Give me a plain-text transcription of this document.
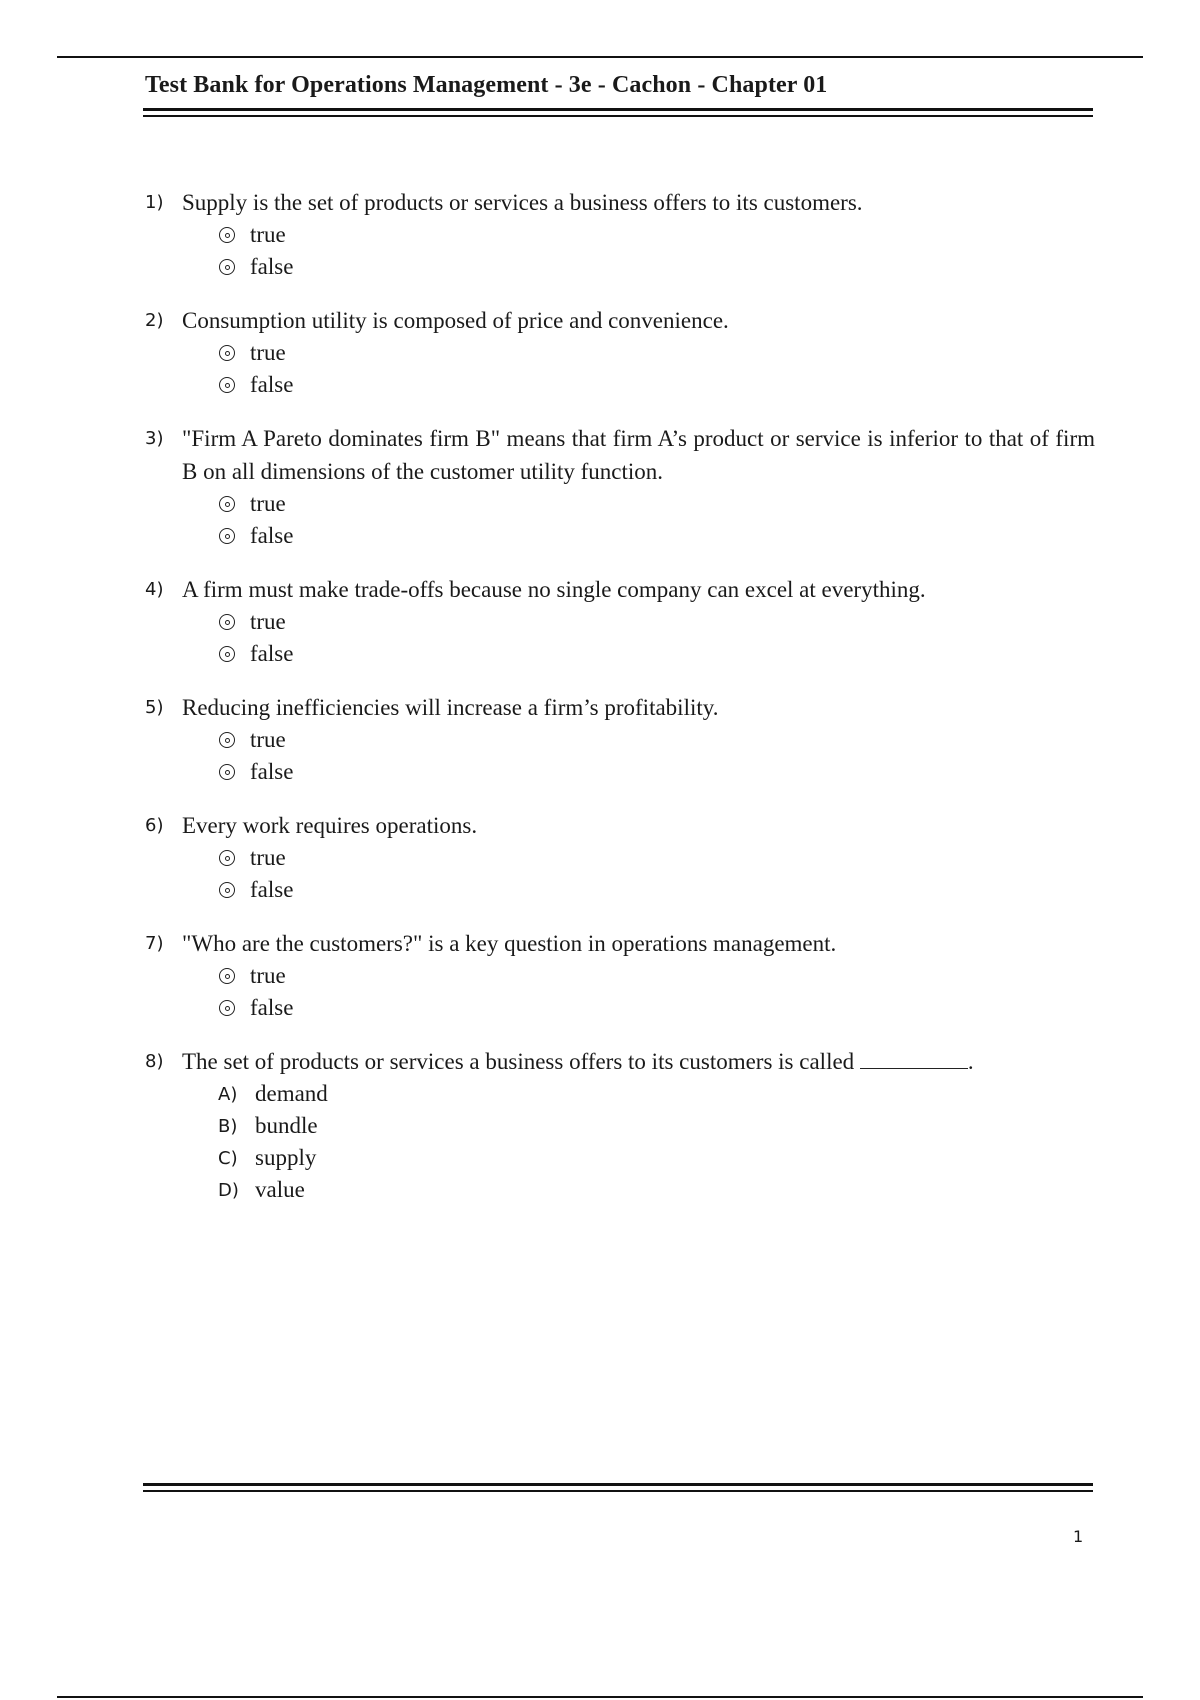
Test Bank for Operations Management - 3e - Cachon - Chapter 01
1) Supply is the set of products or services a business offers to its customers.
true
false
2) Consumption utility is composed of price and convenience.
true
false
3) "Firm A Pareto dominates firm B" means that firm A’s product or service is inferior to that of firm B on all dimensions of the customer utility function.
true
false
4) A firm must make trade-offs because no single company can excel at everything.
true
false
5) Reducing inefficiencies will increase a firm’s profitability.
true
false
6) Every work requires operations.
true
false
7) "Who are the customers?" is a key question in operations management.
true
false
8) The set of products or services a business offers to its customers is called	.
A) demand
B) bundle
C) supply
D) value
1
